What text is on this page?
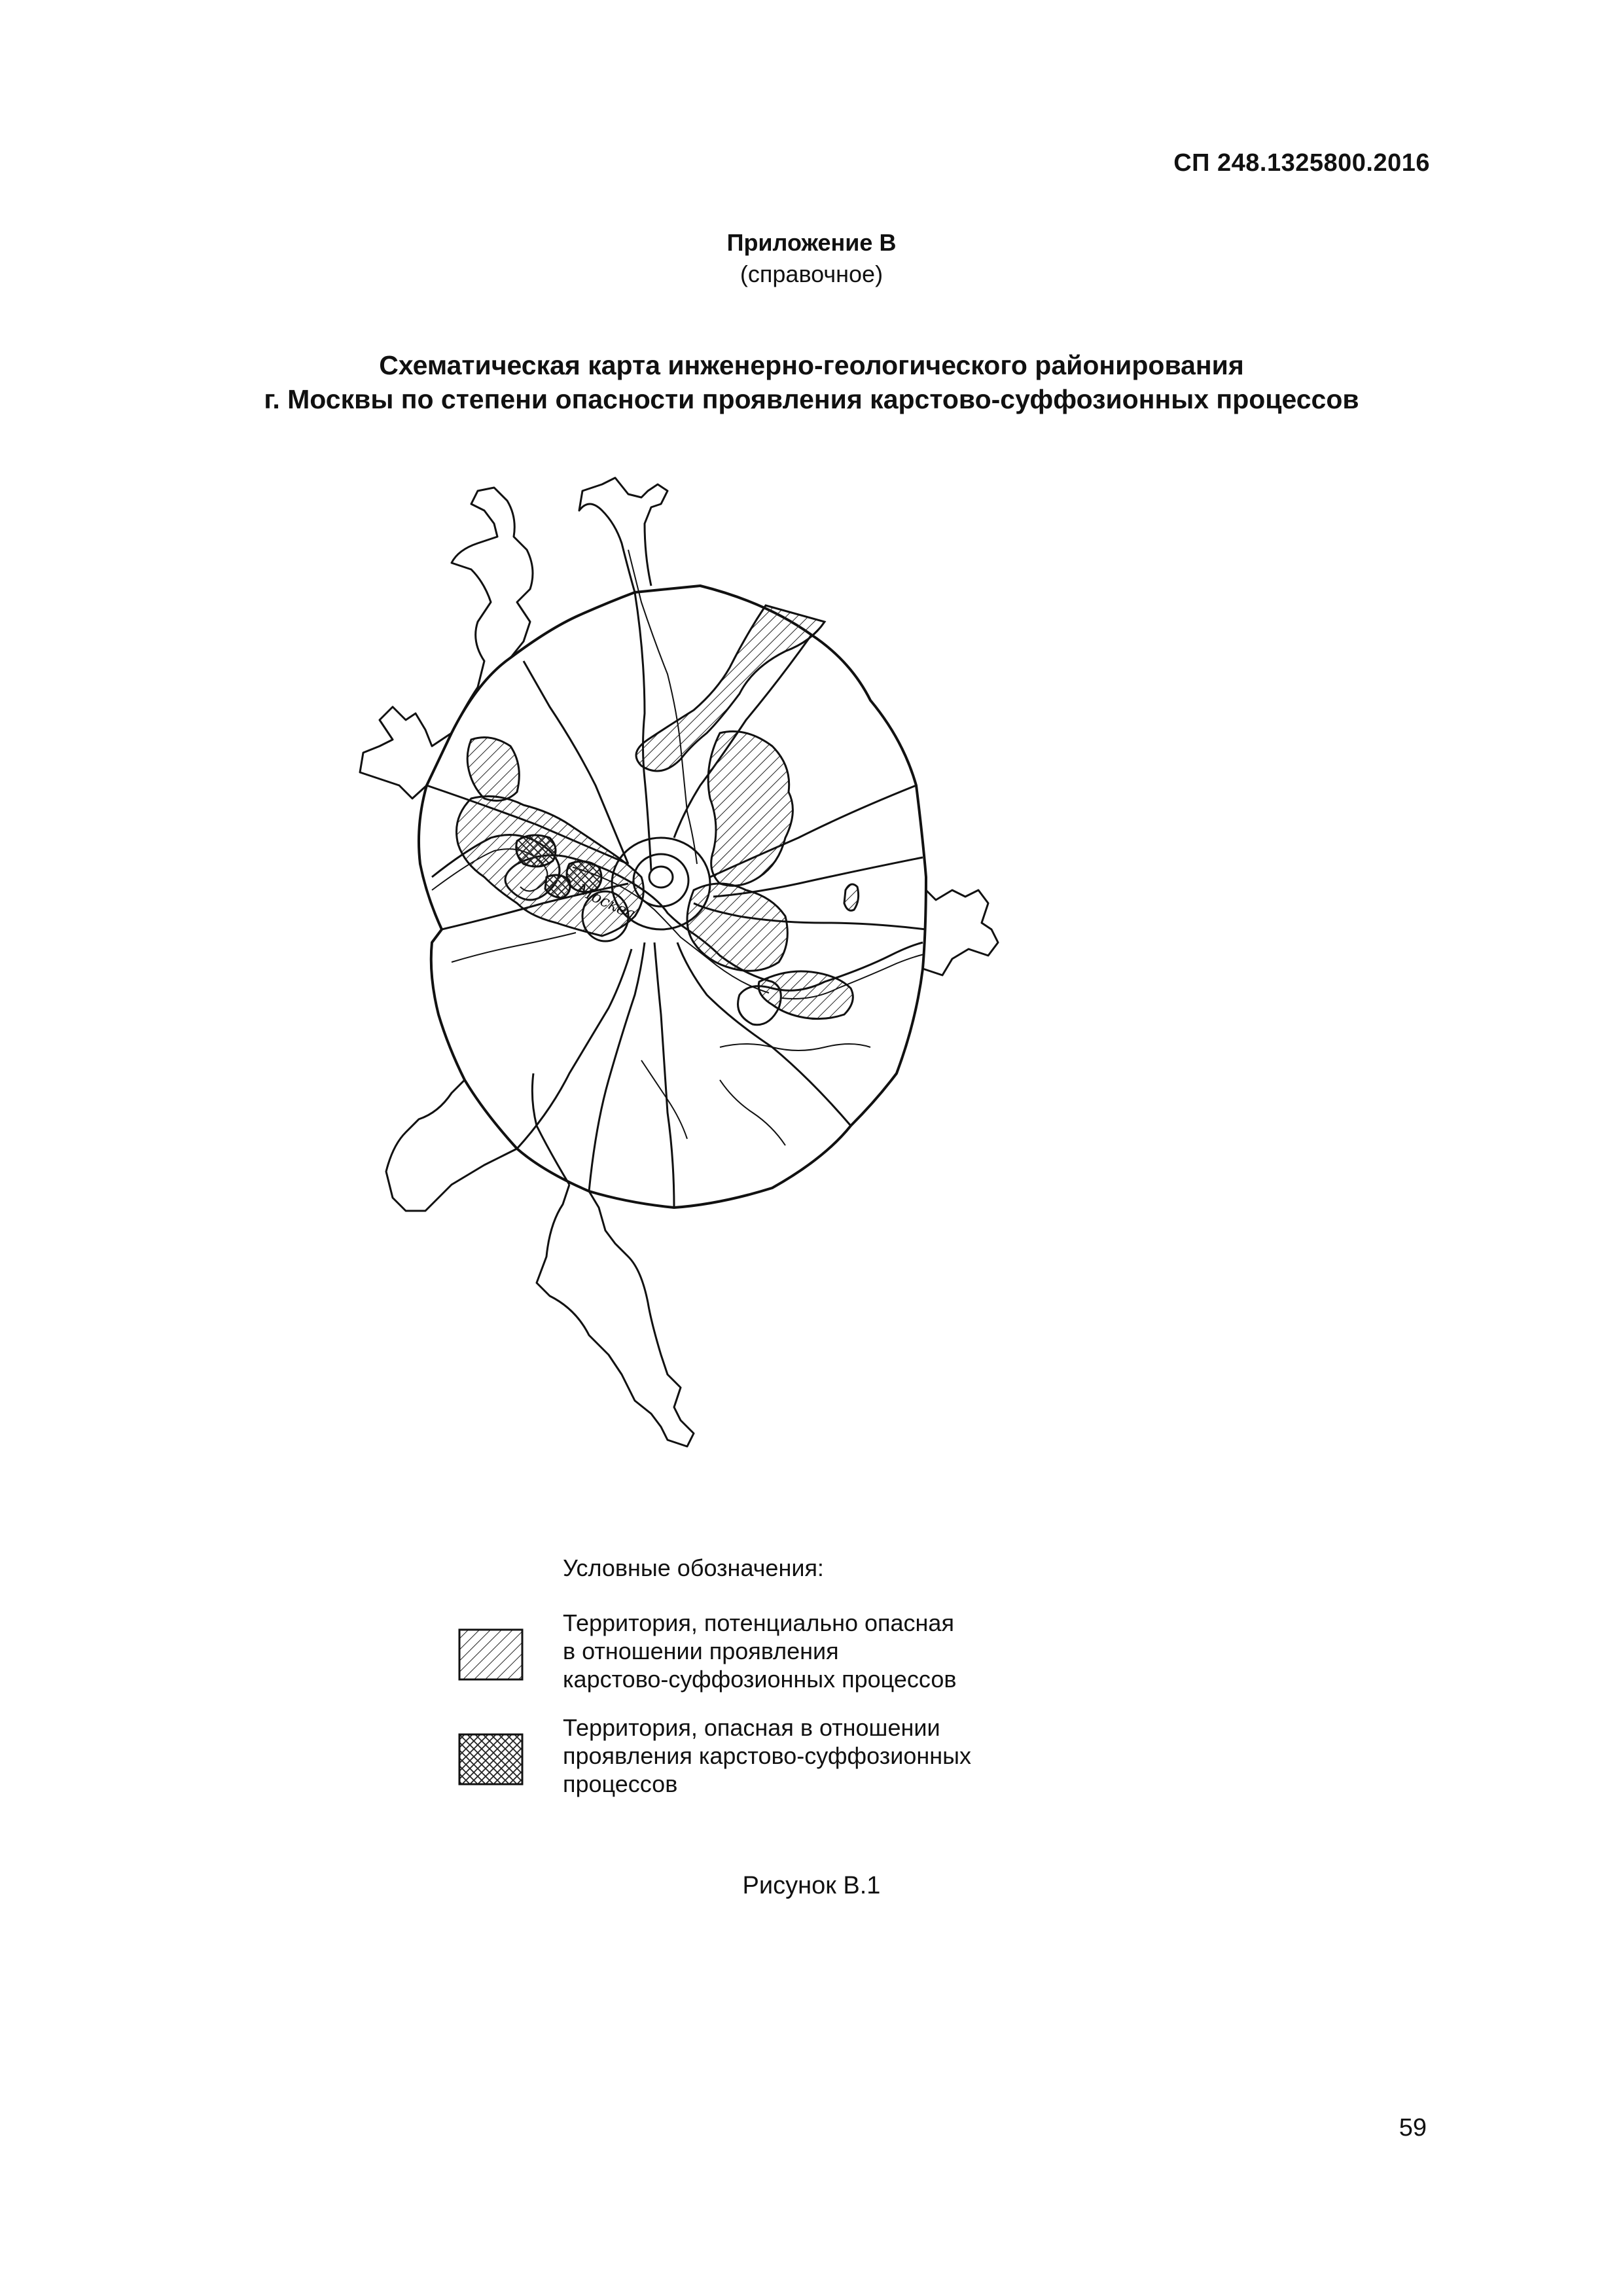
СП 248.1325800.2016
Приложение В
(справочное)
Схематическая карта инженерно-геологического районирования
г. Москвы по степени опасности проявления карстово-суффозионных процессов
Москва
Условные обозначения:
Территория, потенциально опасная
в отношении проявления
карстово-суффозионных процессов
Территория, опасная в отношении
проявления карстово-суффозионных
процессов
Рисунок В.1
59
